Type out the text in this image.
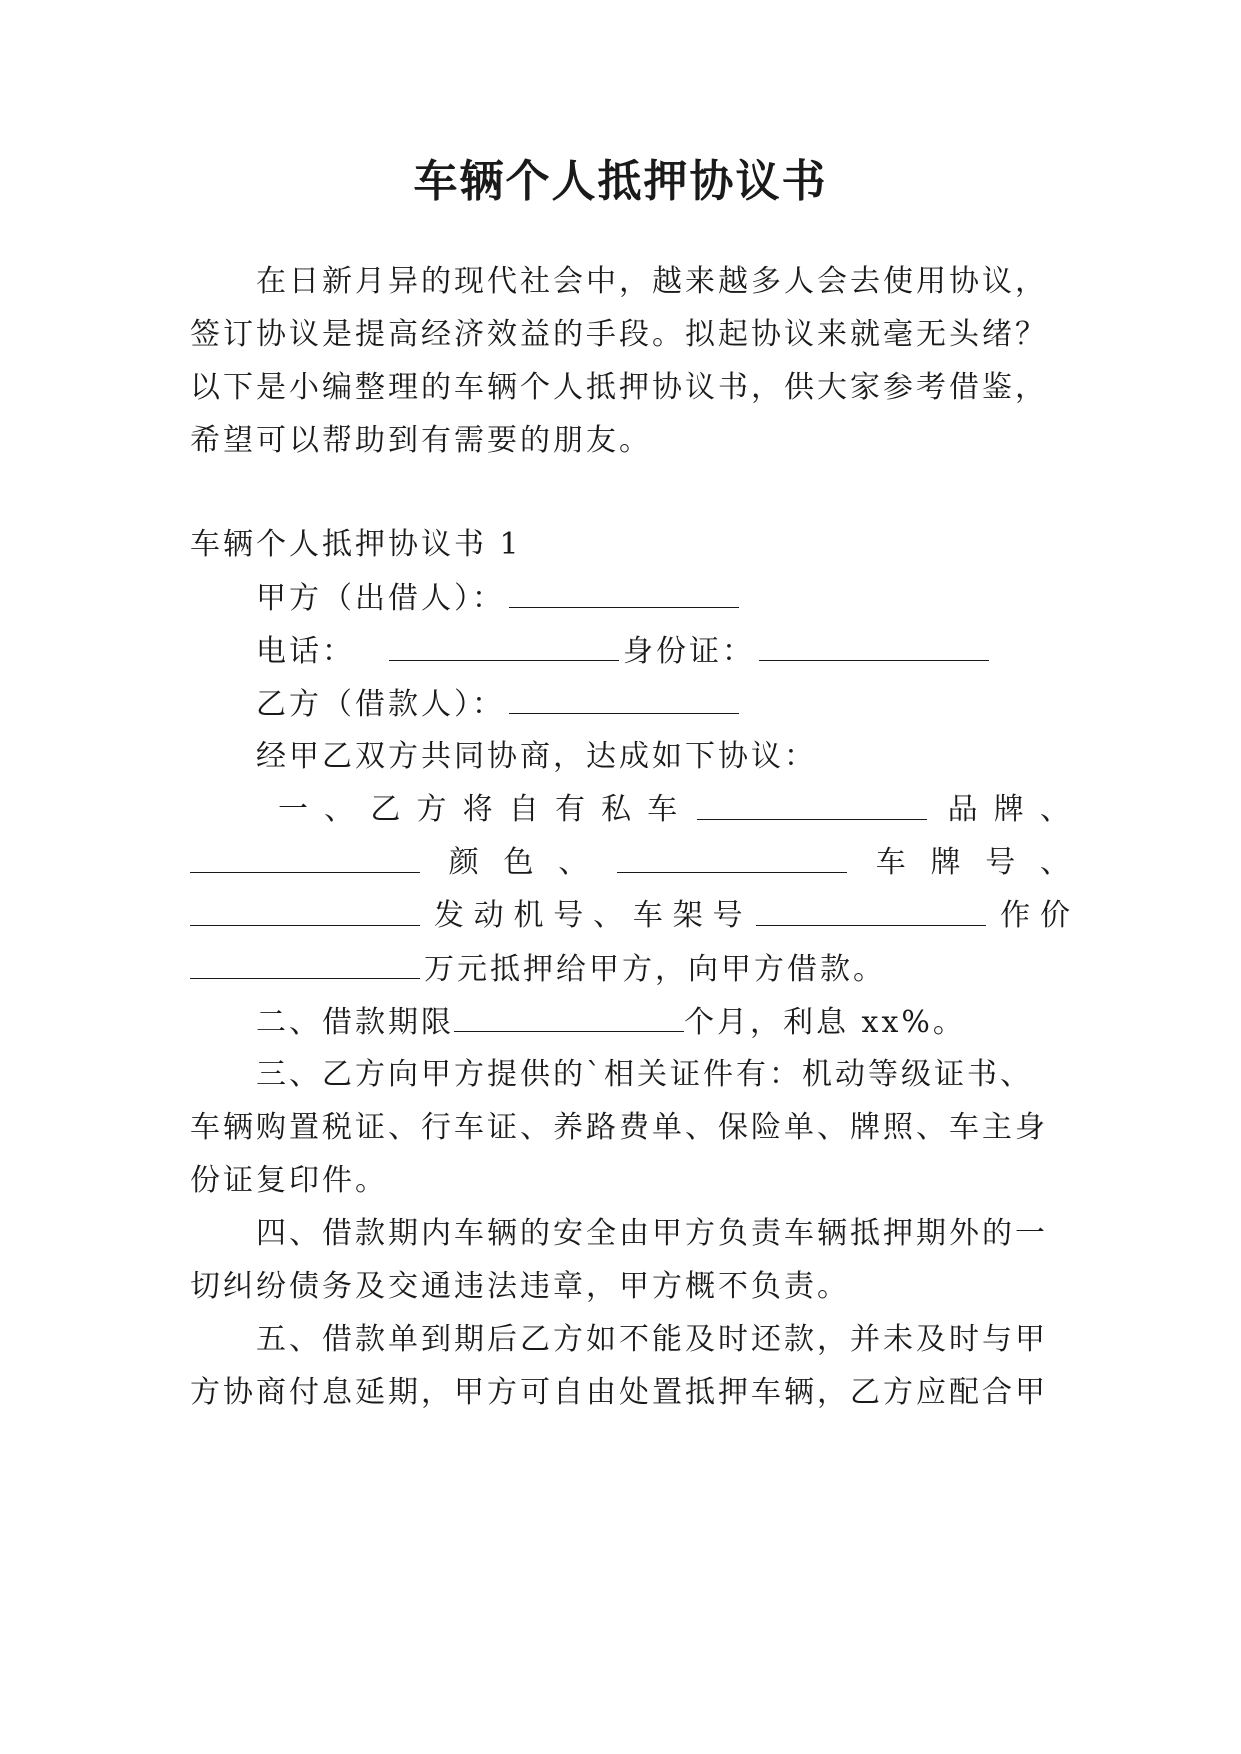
车辆个人抵押协议书
在日新月异的现代社会中，越来越多人会去使用协议，
签订协议是提高经济效益的手段。拟起协议来就毫无头绪？
以下是小编整理的车辆个人抵押协议书，供大家参考借鉴，
希望可以帮助到有需要的朋友。
车辆个人抵押协议书 1
甲方（出借人）：
电话：	身份证：
乙方（借款人）：
经甲乙双方共同协商，达成如下协议：
一 、 乙 方 将 自 有 私 车	品 牌 、
颜 色 、	车 牌 号 、
发 动 机 号 、 车 架 号	作 价
万元抵押给甲方，向甲方借款。
二、借款期限	个月，利息 xx%。
三、乙方向甲方提供的`相关证件有：机动等级证书、
车辆购置税证、行车证、养路费单、保险单、牌照、车主身
份证复印件。
四、借款期内车辆的安全由甲方负责车辆抵押期外的一
切纠纷债务及交通违法违章，甲方概不负责。
五、借款单到期后乙方如不能及时还款，并未及时与甲
方协商付息延期，甲方可自由处置抵押车辆，乙方应配合甲
